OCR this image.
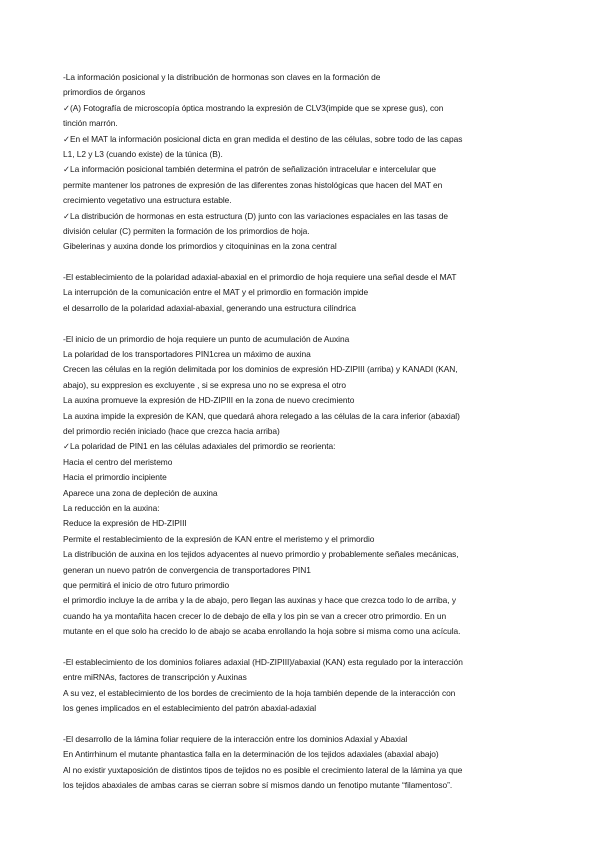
-La información posicional y la distribución de hormonas son claves en la formación de
primordios de órganos
✓(A) Fotografía de microscopía óptica mostrando la expresión de CLV3(impide que se xprese gus), con
tinción marrón.
✓En el MAT la información posicional dicta en gran medida el destino de las células, sobre todo de las capas
L1, L2 y L3 (cuando existe) de la túnica (B).
✓La información posicional también determina el patrón de señalización intracelular e intercelular que
permite mantener los patrones de expresión de las diferentes zonas histológicas que hacen del MAT en
crecimiento vegetativo una estructura estable.
✓La distribución de hormonas en esta estructura (D) junto con las variaciones espaciales en las tasas de
división celular (C) permiten la formación de los primordios de hoja.
Gibelerinas y auxina donde los primordios y citoquininas en la zona central
-El establecimiento de la polaridad adaxial-abaxial en el primordio de hoja requiere una señal desde el MAT
La interrupción de la comunicación entre el MAT y el primordio en formación impide
el desarrollo de la polaridad adaxial-abaxial, generando una estructura cilíndrica
-El inicio de un primordio de hoja requiere un punto de acumulación de Auxina
La polaridad de los transportadores PIN1crea un máximo de auxina
Crecen las células en la región delimitada por los dominios de expresión HD-ZIPIII (arriba) y KANADI (KAN,
abajo), su exppresion es excluyente , si se expresa uno no se expresa el otro
La auxina promueve la expresión de HD-ZIPIII en la zona de nuevo crecimiento
La auxina impide la expresión de KAN, que quedará ahora relegado a las células de la cara inferior (abaxial)
del primordio recién iniciado (hace que crezca hacia arriba)
✓La polaridad de PIN1 en las células adaxiales del primordio se reorienta:
Hacia el centro del meristemo
Hacia el primordio incipiente
Aparece una zona de depleción de auxina
La reducción en la auxina:
Reduce la expresión de HD-ZIPIII
Permite el restablecimiento de la expresión de KAN entre el meristemo y el primordio
La distribución de auxina en los tejidos adyacentes al nuevo primordio y probablemente señales mecánicas,
generan un nuevo patrón de convergencia de transportadores PIN1
que permitirá el inicio de otro futuro primordio
el primordio incluye la de arriba y la de abajo, pero llegan las auxinas y hace que crezca todo lo de arriba, y
cuando ha ya montañita hacen crecer lo de debajo de ella y los pin se van a crecer otro primordio. En un
mutante en el que solo ha crecido lo de abajo se acaba enrollando la hoja sobre si misma como una acícula.
-El establecimiento de los dominios foliares adaxial (HD-ZIPIII)/abaxial (KAN) esta regulado por la interacción
entre miRNAs, factores de transcripción y Auxinas
A su vez, el establecimiento de los bordes de crecimiento de la hoja también depende de la interacción con
los genes implicados en el establecimiento del patrón abaxial-adaxial
-El desarrollo de la lámina foliar requiere de la interacción entre los dominios Adaxial y Abaxial
En Antirrhinum el mutante phantastica falla en la determinación de los tejidos adaxiales (abaxial abajo)
Al no existir yuxtaposición de distintos tipos de tejidos no es posible el crecimiento lateral de la lámina ya que
los tejidos abaxiales de ambas caras se cierran sobre sí mismos dando un fenotipo mutante “filamentoso”.
